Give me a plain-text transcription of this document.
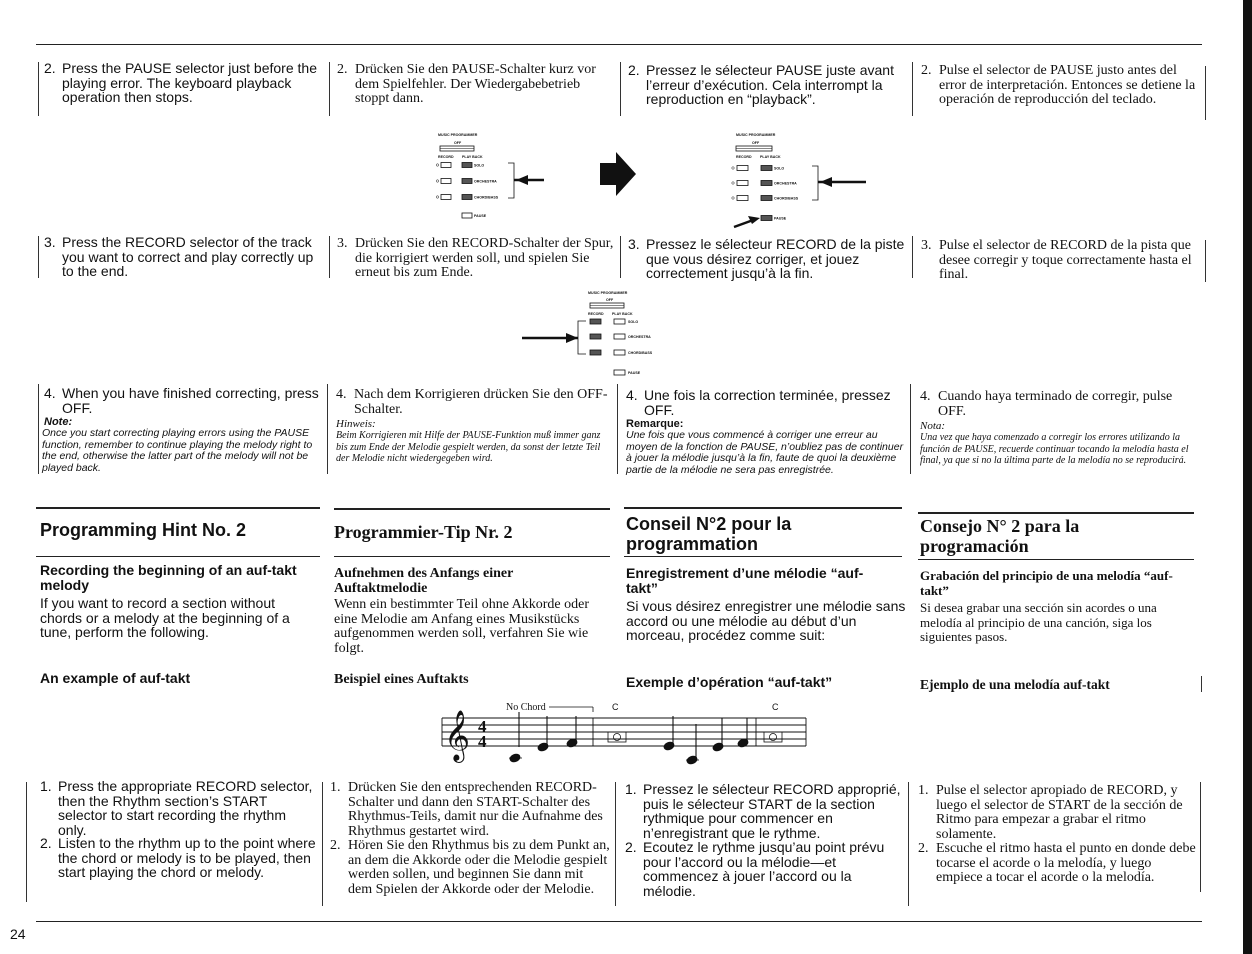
2. Press the PAUSE selector just before the playing error. The keyboard playback operation then stops.
2. Drücken Sie den PAUSE-Schalter kurz vor dem Spielfehler. Der Wiedergabebetrieb stoppt dann.
2. Pressez le sélecteur PAUSE juste avant l’erreur d’exécution. Cela interrompt la reproduction en “playback”.
2. Pulse el selector de PAUSE justo antes del error de interpretación. Entonces se detiene la operación de reproducción del teclado.
MUSIC PROGRAMMER
OFF
RECORD PLAY BACK
SOLO
ORCHESTRA
CHORD/BASS
PAUSE
MUSIC PROGRAMMER
OFF
RECORD PLAY BACK
SOLO
ORCHESTRA
CHORD/BASS
PAUSE
3. Press the RECORD selector of the track you want to correct and play correctly up to the end.
3. Drücken Sie den RECORD-Schalter der Spur, die korrigiert werden soll, und spielen Sie erneut bis zum Ende.
3. Pressez le sélecteur RECORD de la piste que vous désirez corriger, et jouez correctement jusqu’à la fin.
3. Pulse el selector de RECORD de la pista que desee corregir y toque correctamente hasta el final.
MUSIC PROGRAMMER
OFF
RECORD PLAY BACK
SOLO
ORCHESTRA
CHORD/BASS
PAUSE
4. When you have finished correcting, press OFF.
Note:
Once you start correcting playing errors using the PAUSE function, remember to continue playing the melody right to the end, otherwise the latter part of the melody will not be played back.
4. Nach dem Korrigieren drücken Sie den OFF-Schalter.
Hinweis:
Beim Korrigieren mit Hilfe der PAUSE-Funktion muß immer ganz bis zum Ende der Melodie gespielt werden, da sonst der letzte Teil der Melodie nicht wiedergegeben wird.
4. Une fois la correction terminée, pressez OFF.
Remarque:
Une fois que vous commencé à corriger une erreur au moyen de la fonction de PAUSE, n’oubliez pas de continuer à jouer la mélodie jusqu’à la fin, faute de quoi la deuxième partie de la mélodie ne sera pas enregistrée.
4. Cuando haya terminado de corregir, pulse OFF.
Nota:
Una vez que haya comenzado a corregir los errores utilizando la función de PAUSE, recuerde continuar tocando la melodía hasta el final, ya que si no la última parte de la melodía no se reproducirá.
Programming Hint No. 2	Programmier-Tip Nr. 2	Conseil N°2 pour la programmation
Consejo N° 2 para la programación
Recording the beginning of an auf-takt melody
Aufnehmen des Anfangs einer Auftaktmelodie
Enregistrement d’une mélodie “auf-takt”
Grabación del principio de una melodía “auf-takt”
If you want to record a section without chords or a melody at the beginning of a tune, perform the following.
Wenn ein bestimmter Teil ohne Akkorde oder eine Melodie am Anfang eines Musikstücks aufgenommen werden soll, verfahren Sie wie folgt.
Si vous désirez enregistrer une mélodie sans accord ou une mélodie au début d’un morceau, procédez comme suit:
Si desea grabar una sección sin acordes o una melodía al principio de una canción, siga los siguientes pasos.
An example of auf-takt	Beispiel eines Auftakts	Exemple d’opération “auf-takt”	Ejemplo de una melodía auf-takt
No Chord	C	C
𝄞 4
4
1. Press the appropriate RECORD selector, then the Rhythm section’s START selector to start recording the rhythm only.
2. Listen to the rhythm up to the point where the chord or melody is to be played, then start playing the chord or melody.
1. Drücken Sie den entsprechenden RECORD-Schalter und dann den START-Schalter des Rhythmus-Teils, damit nur die Aufnahme des Rhythmus gestartet wird.
2. Hören Sie den Rhythmus bis zu dem Punkt an, an dem die Akkorde oder die Melodie gespielt werden sollen, und beginnen Sie dann mit dem Spielen der Akkorde oder der Melodie.
1. Pressez le sélecteur RECORD approprié, puis le sélecteur START de la section rythmique pour commencer en n’enregistrant que le rythme.
2. Ecoutez le rythme jusqu’au point prévu pour l’accord ou la mélodie—et commencez à jouer l’accord ou la mélodie.
1. Pulse el selector apropiado de RECORD, y luego el selector de START de la sección de Ritmo para empezar a grabar el ritmo solamente.
2. Escuche el ritmo hasta el punto en donde debe tocarse el acorde o la melodía, y luego empiece a tocar el acorde o la melodía.
24
